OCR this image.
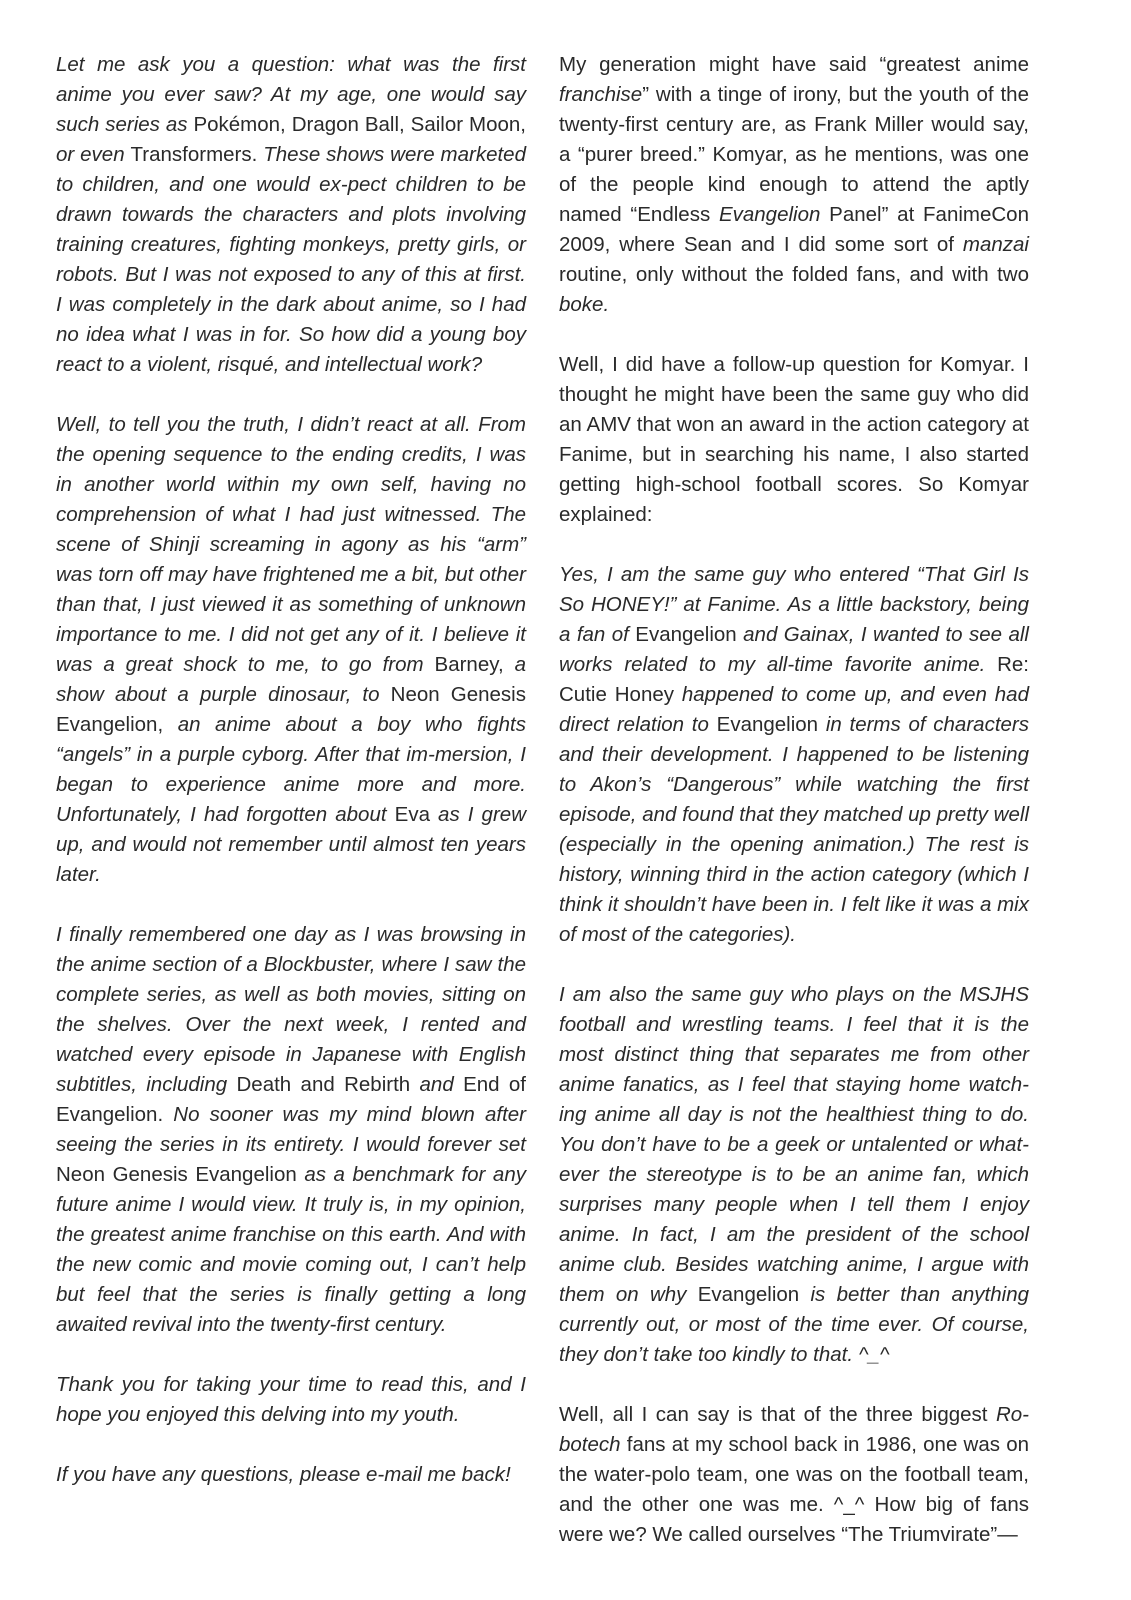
Let me ask you a question: what was the first anime you ever saw? At my age, one would say such series as Pokémon, Dragon Ball, Sailor Moon, or even Transformers. These shows were marketed to children, and one would ex-pect children to be drawn towards the characters and plots involving training creatures, fighting monkeys, pretty girls, or robots. But I was not exposed to any of this at first. I was completely in the dark about anime, so I had no idea what I was in for. So how did a young boy react to a violent, risqué, and intellectual work?

Well, to tell you the truth, I didn’t react at all. From the opening sequence to the ending credits, I was in another world within my own self, having no comprehension of what I had just witnessed. The scene of Shinji screaming in agony as his “arm” was torn off may have frightened me a bit, but other than that, I just viewed it as something of unknown importance to me. I did not get any of it. I believe it was a great shock to me, to go from Barney, a show about a purple dinosaur, to Neon Genesis Evangelion, an anime about a boy who fights “angels” in a purple cyborg. After that im-mersion, I began to experience anime more and more. Unfortunately, I had forgotten about Eva as I grew up, and would not remember until almost ten years later.

I finally remembered one day as I was browsing in the anime section of a Blockbuster, where I saw the complete series, as well as both movies, sitting on the shelves. Over the next week, I rented and watched every episode in Japanese with English subtitles, including Death and Rebirth and End of Evangelion. No sooner was my mind blown after seeing the series in its entirety. I would forever set Neon Genesis Evangelion as a benchmark for any future anime I would view. It truly is, in my opinion, the greatest anime franchise on this earth. And with the new comic and movie coming out, I can’t help but feel that the series is finally getting a long awaited revival into the twenty-first century.

Thank you for taking your time to read this, and I hope you enjoyed this delving into my youth.

If you have any questions, please e-mail me back!

My generation might have said “greatest anime franchise” with a tinge of irony, but the youth of the twenty-first century are, as Frank Miller would say, a “purer breed.” Komyar, as he mentions, was one of the people kind enough to attend the aptly named “Endless Evangelion Panel” at FanimeCon 2009, where Sean and I did some sort of manzai routine, only without the folded fans, and with two boke.

Well, I did have a follow-up question for Komyar. I thought he might have been the same guy who did an AMV that won an award in the action category at Fanime, but in searching his name, I also started getting high-school football scores. So Komyar explained:

Yes, I am the same guy who entered “That Girl Is So HONEY!” at Fanime. As a little backstory, being a fan of Evangelion and Gainax, I wanted to see all works related to my all-time favorite anime. Re: Cutie Honey happened to come up, and even had direct relation to Evangelion in terms of characters and their development. I happened to be listening to Akon’s “Dangerous” while watching the first episode, and found that they matched up pretty well (especially in the opening animation.) The rest is history, winning third in the action category (which I think it shouldn’t have been in. I felt like it was a mix of most of the categories).

I am also the same guy who plays on the MSJHS football and wrestling teams. I feel that it is the most distinct thing that separates me from other anime fanatics, as I feel that staying home watch-ing anime all day is not the healthiest thing to do. You don’t have to be a geek or untalented or what-ever the stereotype is to be an anime fan, which surprises many people when I tell them I enjoy anime. In fact, I am the president of the school anime club. Besides watching anime, I argue with them on why Evangelion is better than anything currently out, or most of the time ever. Of course, they don’t take too kindly to that. ^_^

Well, all I can say is that of the three biggest Ro-botech fans at my school back in 1986, one was on the water-polo team, one was on the football team, and the other one was me. ^_^ How big of fans were we? We called ourselves “The Triumvirate”—
